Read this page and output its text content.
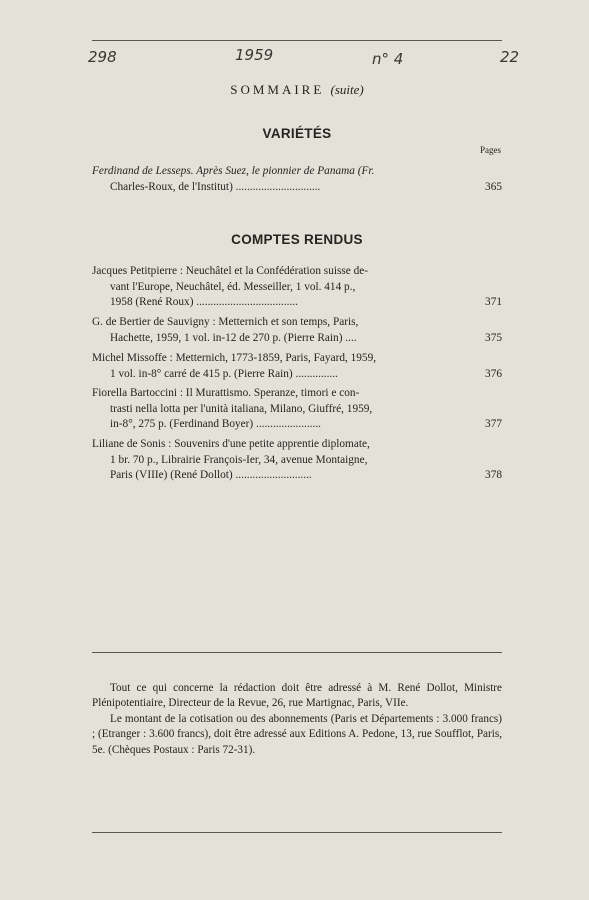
298	1959	n° 4	22
SOMMAIRE (suite)
VARIÉTÉS
Pages
Ferdinand de Lesseps. Après Suez, le pionnier de Panama (Fr.
Charles-Roux, de l'Institut) ..............................	365
COMPTES RENDUS
Jacques Petitpierre : Neuchâtel et la Confédération suisse de-
vant l'Europe, Neuchâtel, éd. Messeiller, 1 vol. 414 p.,
1958 (René Roux) ....................................	371
G. de Bertier de Sauvigny : Metternich et son temps, Paris,
Hachette, 1959, 1 vol. in-12 de 270 p. (Pierre Rain) ....	375
Michel Missoffe : Metternich, 1773-1859, Paris, Fayard, 1959,
1 vol. in-8° carré de 415 p. (Pierre Rain) ...............	376
Fiorella Bartoccini : Il Murattismo. Speranze, timori e con-
trasti nella lotta per l'unità italiana, Milano, Giuffré, 1959,
in-8°, 275 p. (Ferdinand Boyer) .......................	377
Liliane de Sonis : Souvenirs d'une petite apprentie diplomate,
1 br. 70 p., Librairie François-Ier, 34, avenue Montaigne,
Paris (VIIIe) (René Dollot) ...........................	378

Tout ce qui concerne la rédaction doit être adressé à M. René Dollot, Ministre Plénipotentiaire, Directeur de la Revue, 26, rue Martignac, Paris, VIIe.

Le montant de la cotisation ou des abonnements (Paris et Départements : 3.000 francs) ; (Etranger : 3.600 francs), doit être adressé aux Editions A. Pedone, 13, rue Soufflot, Paris, 5e. (Chèques Postaux : Paris 72-31).
